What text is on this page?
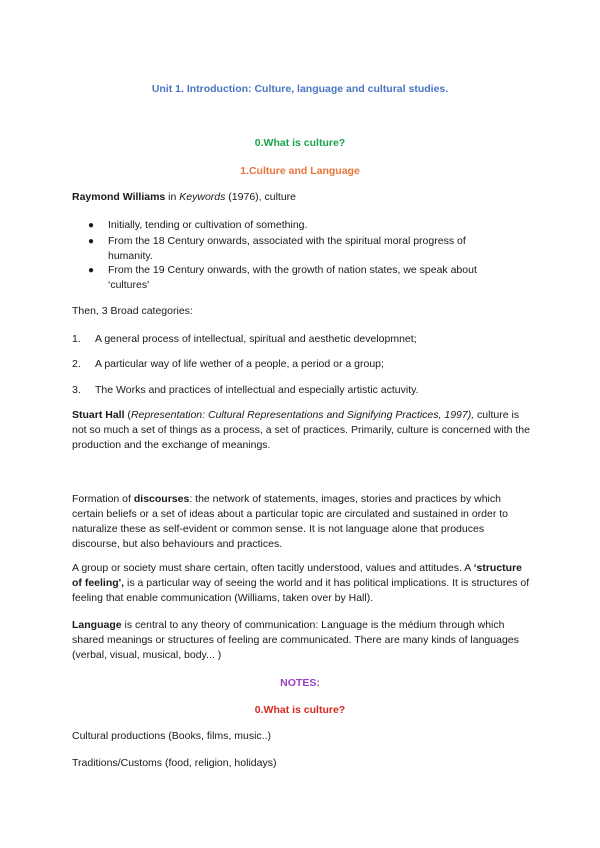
Unit 1. Introduction: Culture, language and cultural studies.
0.What is culture?
1.Culture and Language
Raymond Williams in Keywords (1976), culture
●	Initially, tending or cultivation of something.
●	From the 18 Century onwards, associated with the spiritual moral progress of humanity.
●	From the 19 Century onwards, with the growth of nation states, we speak about ‘cultures'
Then, 3 Broad categories:
1.	A general process of intellectual, spiritual and aesthetic developmnet;
2.	A particular way of life wether of a people, a period or a group;
3.	The Works and practices of intellectual and especially artistic actuvity.
Stuart Hall (Representation: Cultural Representations and Signifying Practices, 1997), culture is not so much a set of things as a process, a set of practices. Primarily, culture is concerned with the production and the exchange of meanings.
Formation of discourses: the network of statements, images, stories and practices by which certain beliefs or a set of ideas about a particular topic are circulated and sustained in order to naturalize these as self-evident or common sense. It is not language alone that produces discourse, but also behaviours and practices.
A group or society must share certain, often tacitly understood, values and attitudes. A ‘structure of feeling', is a particular way of seeing the world and it has political implications. It is structures of feeling that enable communication (Williams, taken over by Hall).
Language is central to any theory of communication: Language is the médium through which shared meanings or structures of feeling are communicated. There are many kinds of languages (verbal, visual, musical, body... )
NOTES:
0.What is culture?
Cultural productions (Books, films, music..)
Traditions/Customs (food, religion, holidays)
